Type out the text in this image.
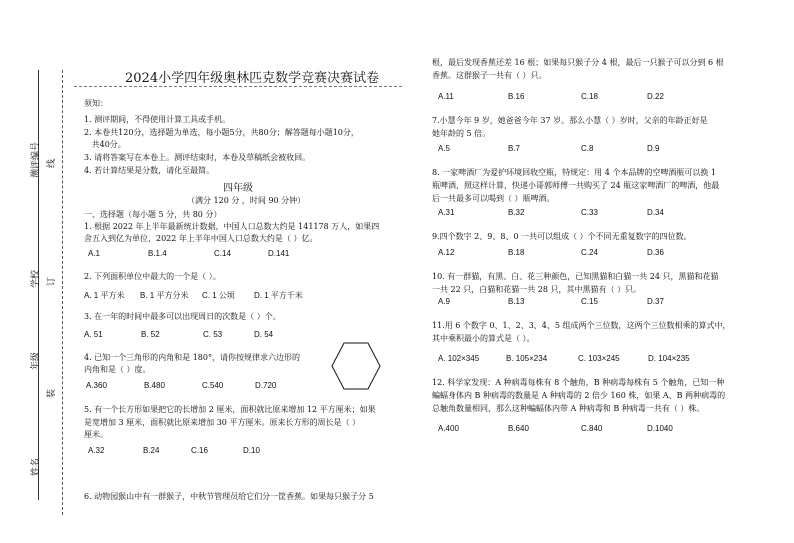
测评编号 线
学校 订
年级
装
姓名
2024小学四年级奥林匹克数学竞赛决赛试卷
须知：
1. 测评期间，不得使用计算工具或手机。
2. 本卷共120分，选择题为单选，每小题5分，共80分；解答题每小题10分，
共40分。
3. 请将答案写在本卷上。测评结束时，本卷及草稿纸会被收回。
4. 若计算结果是分数，请化至最简。
四年级
（满分 120 分 ，时间 90 分钟）
一、选择题（每小题 5 分，共 80 分）
1. 根据 2022 年上半年最新统计数据，中国人口总数大约是 141178 万人，如果四
舍五入到亿为单位，2022 年上半年中国人口总数大约是（ ）亿。
A.1	B.1.4	C.14	D.141
2. 下列面积单位中最大的一个是（ ）。
A. 1 平方米	B. 1 平方分米	C. 1 公顷	D. 1 平方千米
3. 在一年的时间中最多可以出现周日的次数是（ ）个。
A. 51	B. 52	C. 53	D. 54
4. 已知一个三角形的内角和是 180°，请你按规律求六边形的
内角和是（ ）度。
A.360	B.480	C.540	D.720
5. 有一个长方形如果把它的长增加 2 厘米，面积就比原来增加 12 平方厘米；如果
是宽增加 3 厘米，面积就比原来增加 30 平方厘米。原来长方形的周长是（ ）
厘米。
A.32	B.24	C.16	D.10
6. 动物园猴山中有一群猴子，中秋节管理员给它们分一筐香蕉。如果每只猴子分 5
根，最后发现香蕉还差 16 根；如果每只猴子分 4 根，最后一只猴子可以分到 6 根
香蕉。这群猴子一共有（ ）只。
A.11	B.16	C.18	D.22
7.小慧今年 9 岁，她爸爸今年 37 岁。那么小慧（ ）岁时，父亲的年龄正好是
她年龄的 5 倍。
A.5	B.7	C.8	D.9
8. 一家啤酒厂为爱护环境回收空瓶，特规定：用 4 个本品牌的空啤酒瓶可以换 1
瓶啤酒，照这样计算，快递小哥郭师傅一共购买了 24 瓶这家啤酒厂的啤酒，他最
后一共最多可以喝到（ ）瓶啤酒。
A.31	B.32	C.33	D.34
9.四个数字 2、9、8、0 一共可以组成（ ）个不同无重复数字的四位数。
A.12	B.18	C.24	D.36
10. 有一群猫，有黑、白、花三种颜色，已知黑猫和白猫一共 24 只，黑猫和花猫
一共 22 只，白猫和花猫一共 28 只，其中黑猫有（ ）只。
A.9	B.13	C.15	D.37
11.用 6 个数字 0、1、2、3、4、5 组成两个三位数，这两个三位数相乘的算式中，
其中乘积最小的算式是（ ）。
A. 102×345	B. 105×234	C. 103×245	D. 104×235
12. 科学家发现：A 种病毒每株有 8 个触角，B 种病毒每株有 5 个触角，已知一种
蝙蝠身体内 B 种病毒的数量是 A 种病毒的 2 倍少 160 株，如果 A、B 两种病毒的
总触角数量相同，那么这种蝙蝠体内带 A 种病毒和 B 种病毒一共有（ ）株。
A.400	B.640	C.840	D.1040
